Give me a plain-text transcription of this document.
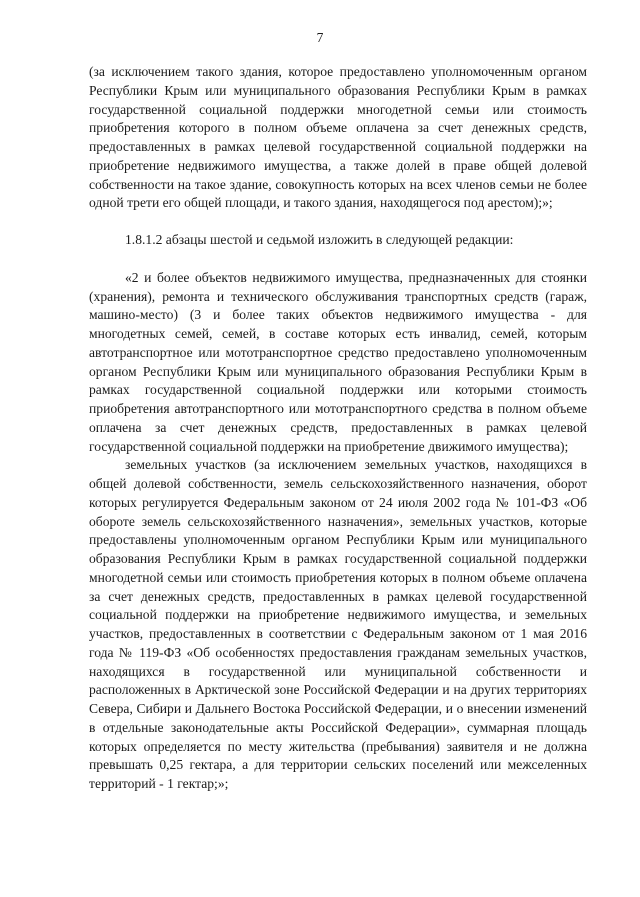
7

(за исключением такого здания, которое предоставлено уполномоченным органом Республики Крым или муниципального образования Республики Крым в рамках государственной социальной поддержки многодетной семьи или стоимость приобретения которого в полном объеме оплачена за счет денежных средств, предоставленных в рамках целевой государственной социальной поддержки на приобретение недвижимого имущества, а также долей в праве общей долевой собственности на такое здание, совокупность которых на всех членов семьи не более одной трети его общей площади, и такого здания, находящегося под арестом);»;

1.8.1.2 абзацы шестой и седьмой изложить в следующей редакции:

«2 и более объектов недвижимого имущества, предназначенных для стоянки (хранения), ремонта и технического обслуживания транспортных средств (гараж, машино-место) (3 и более таких объектов недвижимого имущества - для многодетных семей, семей, в составе которых есть инвалид, семей, которым автотранспортное или мототранспортное средство предоставлено уполномоченным органом Республики Крым или муниципального образования Республики Крым в рамках государственной социальной поддержки или которыми стоимость приобретения автотранспортного или мототранспортного средства в полном объеме оплачена за счет денежных средств, предоставленных в рамках целевой государственной социальной поддержки на приобретение движимого имущества);

земельных участков (за исключением земельных участков, находящихся в общей долевой собственности, земель сельскохозяйственного назначения, оборот которых регулируется Федеральным законом от 24 июля 2002 года № 101-ФЗ «Об обороте земель сельскохозяйственного назначения», земельных участков, которые предоставлены уполномоченным органом Республики Крым или муниципального образования Республики Крым в рамках государственной социальной поддержки многодетной семьи или стоимость приобретения которых в полном объеме оплачена за счет денежных средств, предоставленных в рамках целевой государственной социальной поддержки на приобретение недвижимого имущества, и земельных участков, предоставленных в соответствии с Федеральным законом от 1 мая 2016 года № 119-ФЗ «Об особенностях предоставления гражданам земельных участков, находящихся в государственной или муниципальной собственности и расположенных в Арктической зоне Российской Федерации и на других территориях Севера, Сибири и Дальнего Востока Российской Федерации, и о внесении изменений в отдельные законодательные акты Российской Федерации», суммарная площадь которых определяется по месту жительства (пребывания) заявителя и не должна превышать 0,25 гектара, а для территории сельских поселений или межселенных территорий - 1 гектар;»;
